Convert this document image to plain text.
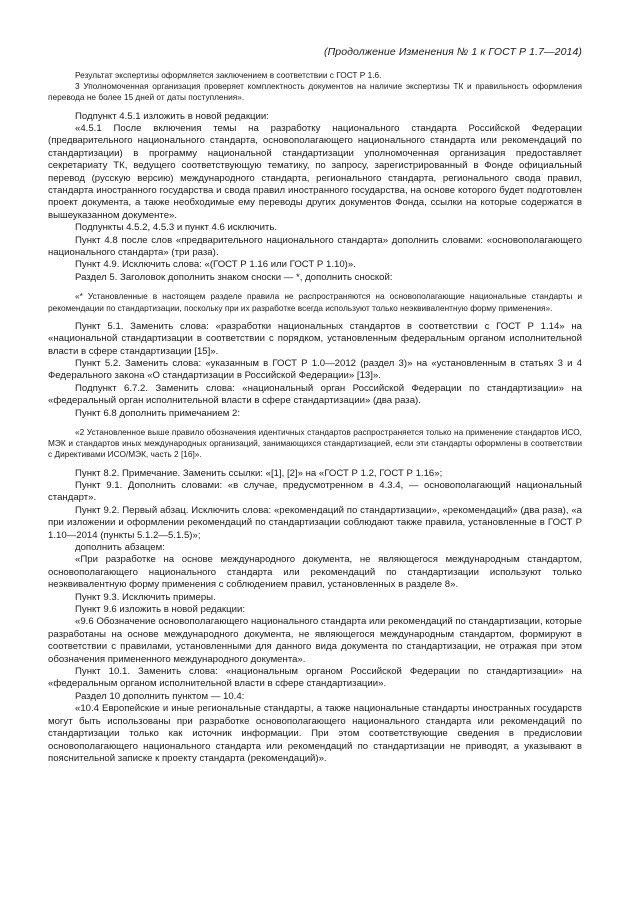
(Продолжение Изменения № 1 к ГОСТ Р 1.7—2014)

Результат экспертизы оформляется заключением в соответствии с ГОСТ Р 1.6.

3 Уполномоченная организация проверяет комплектность документов на наличие экспертизы ТК и правильность оформления перевода не более 15 дней от даты поступления».

Подпункт 4.5.1 изложить в новой редакции:

«4.5.1 После включения темы на разработку национального стандарта Российской Федерации (предварительного национального стандарта, основополагающего национального стандарта или рекомендаций по стандартизации) в программу национальной стандартизации уполномоченная организация предоставляет секретариату ТК, ведущего соответствующую тематику, по запросу, зарегистрированный в Фонде официальный перевод (русскую версию) международного стандарта, регионального стандарта, регионального свода правил, стандарта иностранного государства и свода правил иностранного государства, на основе которого будет подготовлен проект документа, а также необходимые ему переводы других документов Фонда, ссылки на которые содержатся в вышеуказанном документе».

Подпункты 4.5.2, 4.5.3 и пункт 4.6 исключить.

Пункт 4.8 после слов «предварительного национального стандарта» дополнить словами: «основополагающего национального стандарта» (три раза).

Пункт 4.9. Исключить слова: «(ГОСТ Р 1.16 или ГОСТ Р 1.10)».

Раздел 5. Заголовок дополнить знаком сноски — *, дополнить сноской:

«* Установленные в настоящем разделе правила не распространяются на основополагающие национальные стандарты и рекомендации по стандартизации, поскольку при их разработке всегда используют только неэквивалентную форму применения».

Пункт 5.1. Заменить слова: «разработки национальных стандартов в соответствии с ГОСТ Р 1.14» на «национальной стандартизации в соответствии с порядком, установленным федеральным органом исполнительной власти в сфере стандартизации [15]».

Пункт 5.2. Заменить слова: «указанным в ГОСТ Р 1.0—2012 (раздел 3)» на «установленным в статьях 3 и 4 Федерального закона «О стандартизации в Российской Федерации» [13]».

Подпункт 6.7.2. Заменить слова: «национальный орган Российской Федерации по стандартизации» на «федеральный орган исполнительной власти в сфере стандартизации» (два раза).

Пункт 6.8 дополнить примечанием 2:

«2 Установленное выше правило обозначения идентичных стандартов распространяется только на применение стандартов ИСО, МЭК и стандартов иных международных организаций, занимающихся стандартизацией, если эти стандарты оформлены в соответствии с Директивами ИСО/МЭК, часть 2 [16]».

Пункт 8.2. Примечание. Заменить ссылки: «[1], [2]» на «ГОСТ Р 1.2, ГОСТ Р 1.16»;

Пункт 9.1. Дополнить словами: «в случае, предусмотренном в 4.3.4, — основополагающий национальный стандарт».

Пункт 9.2. Первый абзац. Исключить слова: «рекомендаций по стандартизации», «рекомендаций» (два раза), «а при изложении и оформлении рекомендаций по стандартизации соблюдают также правила, установленные в ГОСТ Р 1.10—2014 (пункты 5.1.2—5.1.5)»;

дополнить абзацем:

«При разработке на основе международного документа, не являющегося международным стандартом, основополагающего национального стандарта или рекомендаций по стандартизации используют только неэквивалентную форму применения с соблюдением правил, установленных в разделе 8».

Пункт 9.3. Исключить примеры.

Пункт 9.6 изложить в новой редакции:

«9.6 Обозначение основополагающего национального стандарта или рекомендаций по стандартизации, которые разработаны на основе международного документа, не являющегося международным стандартом, формируют в соответствии с правилами, установленными для данного вида документа по стандартизации, не отражая при этом обозначения примененного международного документа».

Пункт 10.1. Заменить слова: «национальным органом Российской Федерации по стандартизации» на «федеральным органом исполнительной власти в сфере стандартизации».

Раздел 10 дополнить пунктом — 10.4:

«10.4 Европейские и иные региональные стандарты, а также национальные стандарты иностранных государств могут быть использованы при разработке основополагающего национального стандарта или рекомендаций по стандартизации только как источник информации. При этом соответствующие сведения в предисловии основополагающего национального стандарта или рекомендаций по стандартизации не приводят, а указывают в пояснительной записке к проекту стандарта (рекомендаций)».
